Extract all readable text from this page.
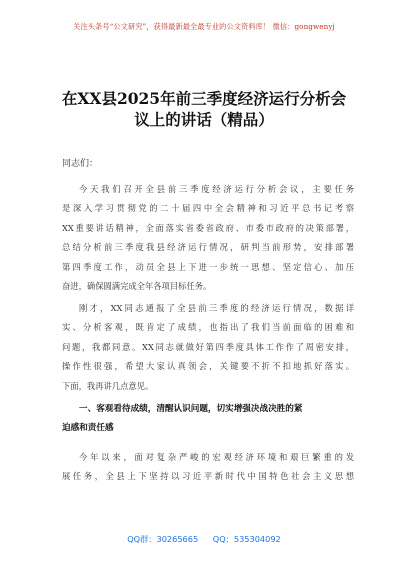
关注头条号“公文研究”，获得最新最全最专业的公文资料库！ 微信：gongwenyj
在XX县2025年前三季度经济运行分析会
议上的讲话（精品）
同志们：
今天我们召开全县前三季度经济运行分析会议，主要任务
是深入学习贯彻党的二十届四中全会精神和习近平总书记考察
XX重要讲话精神，全面落实省委省政府、市委市政府的决策部署，
总结分析前三季度我县经济运行情况，研判当前形势，安排部署
第四季度工作，动员全县上下进一步统一思想、坚定信心、加压
奋进，确保圆满完成全年各项目标任务。
刚才，XX同志通报了全县前三季度的经济运行情况，数据详
实、分析客观，既肯定了成绩，也指出了我们当前面临的困难和
问题，我都同意。XX同志就做好第四季度具体工作作了周密安排，
操作性很强，希望大家认真领会，关键要不折不扣地抓好落实。
下面，我再讲几点意见。
一、客观看待成绩，清醒认识问题，切实增强决战决胜的紧
迫感和责任感
今年以来，面对复杂严峻的宏观经济环境和艰巨繁重的发
展任务，全县上下坚持以习近平新时代中国特色社会主义思想
QQ群：30265665 QQ：535304092
